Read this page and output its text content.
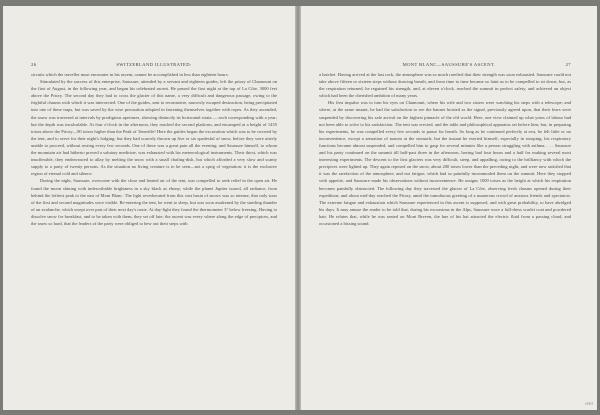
26	SWITZERLAND ILLUSTRATED:

circuits which the traveller must encounter in his ascent, cannot be accomplished in less than eighteen hours.

Stimulated by the success of this enterprise, Saussure, attended by a servant and eighteen guides, left the priory of Chamouni on the first of August, in the following year, and began his celebrated ascent. He passed the first night at the top of La Côte, 3000 feet above the Priory. The second day they had to cross the glacier of this name, a very difficult and dangerous passage, owing to the frightful chasms with which it was intersected. One of the guides, sent to reconnoitre, narrowly escaped destruction, being precipitated into one of these traps, but was saved by the wise precaution adopted in fastening themselves together with ropes. As they ascended, the snow was traversed at intervals by prodigious apertures, showing distinctly its horizontal strata — each corresponding with a year; but the depth was incalculable. At four o'clock in the afternoon, they reached the second platform, and encamped at a height of 1455 toises above the Priory—90 toises higher than the Peak of Teneriffe! Here the guides began the excavation which was to be covered by the tent, and to serve for their night's lodging; but they had scarcely thrown up five or six spadesful of snow, before they were utterly unable to proceed, without resting every few seconds. One of these was a great pain all the evening; and Saussure himself, to whom the mountain air had hitherto proved a salutary medicine, was exhausted with his meteorological instruments. Their thirst, which was insufferable, they endeavoured to allay by melting the snow with a small chafing-dish, but which afforded a very slow and scanty supply to a party of twenty persons. As the situation no living creature is to be seen—not a sprig of vegetation: it is the exclusive region of eternal cold and silence.

During the night, Saussure, overcome with the close and heated air of the tent, was compelled to seek relief in the open air. He found the moon shining with indescribable brightness in a sky black as ebony; while the planet Jupiter issued, all radiance, from behind the loftiest peak to the east of Mont Blanc. The light reverberated from this vast basin of snows was so intense, that only stars of the first and second magnitudes were visible. Re-entering the tent, he went to sleep, but was soon awakened by the startling thunder of an avalanche, which swept over part of their next day's route. At day-light they found the thermometer 3° below freezing. Having to dissolve snow for breakfast, and to be taken with them, they set off late; the ascent was every where along the edge of precipices, and the snow so hard, that the leaders of the party were obliged to hew out their steps with

MONT BLANC—SAUSSURE'S ASCENT.	27

a hatchet. Having arrived at the last rock, the atmosphere was so much rarefied that their strength was soon exhausted. Saussure could not take above fifteen or sixteen steps without drawing breath, and from time to time became so faint as to be compelled to sit down; but, as the respiration returned, he regained his strength, and, at eleven o'clock, reached the summit in perfect safety, and achieved an object which had been the cherished ambition of many years.

His first impulse was to turn his eyes on Chamouni, where his wife and two sisters were watching his steps with a telescope; and where, at the same instant, he had the satisfaction to see the banner hoisted as the signal, previously agreed upon, that their fears were suspended by discovering his safe arrival on the highest pinnacle of the old world. Here, one view claimed up what years of labour had not been able to solve to his satisfaction. The tent was erected, and the table and philosophical apparatus set before him; but, in preparing his experiments, he was compelled every few seconds to pause for breath. So long as he continued perfectly at rest, he felt little or no inconvenience, except a sensation of nausea at the stomach; but the instant he exerted himself, especially in stooping, his respiratory functions became almost suspended, and compelled him to gasp for several minutes like a person struggling with asthma. . . . Saussure and his party continued on the summit till half-past three in the afternoon, having had four hours and a half for making several most interesting experiments. The descent to the first glaciers was very difficult, steep, and appalling, owing to the brilliancy with which the precipices were lighted up. They again reposed on the snow, about 200 toises lower than the preceding night, and were now satisfied that it was the rarefaction of the atmosphere, and not fatigue, which had so painfully incommoded them on the summit. Here they stopped with appetite, and Saussure made his observations without inconvenience. He assigns 1000 toises as the height at which his respiration becomes painfully obstructed. The following day they traversed the glacier of La Côte, observing fresh chasms opened during their expedition; and about mid-day reached the Priory, amid the tumultuous greeting of a numerous crowd of anxious friends and spectators. The extreme fatigue and exhaustion which Saussure experienced in this ascent is supposed, and with great probability, to have abridged his days. It may amuse the reader to be told that, during his excursions in the Alps, Saussure wore a full-dress scarlet coat and powdered hair. He relates that, while he was seated on Mont Breven, the hue of his hat attracted the electric fluid from a passing cloud, and occasioned a hissing sound.

eMH
